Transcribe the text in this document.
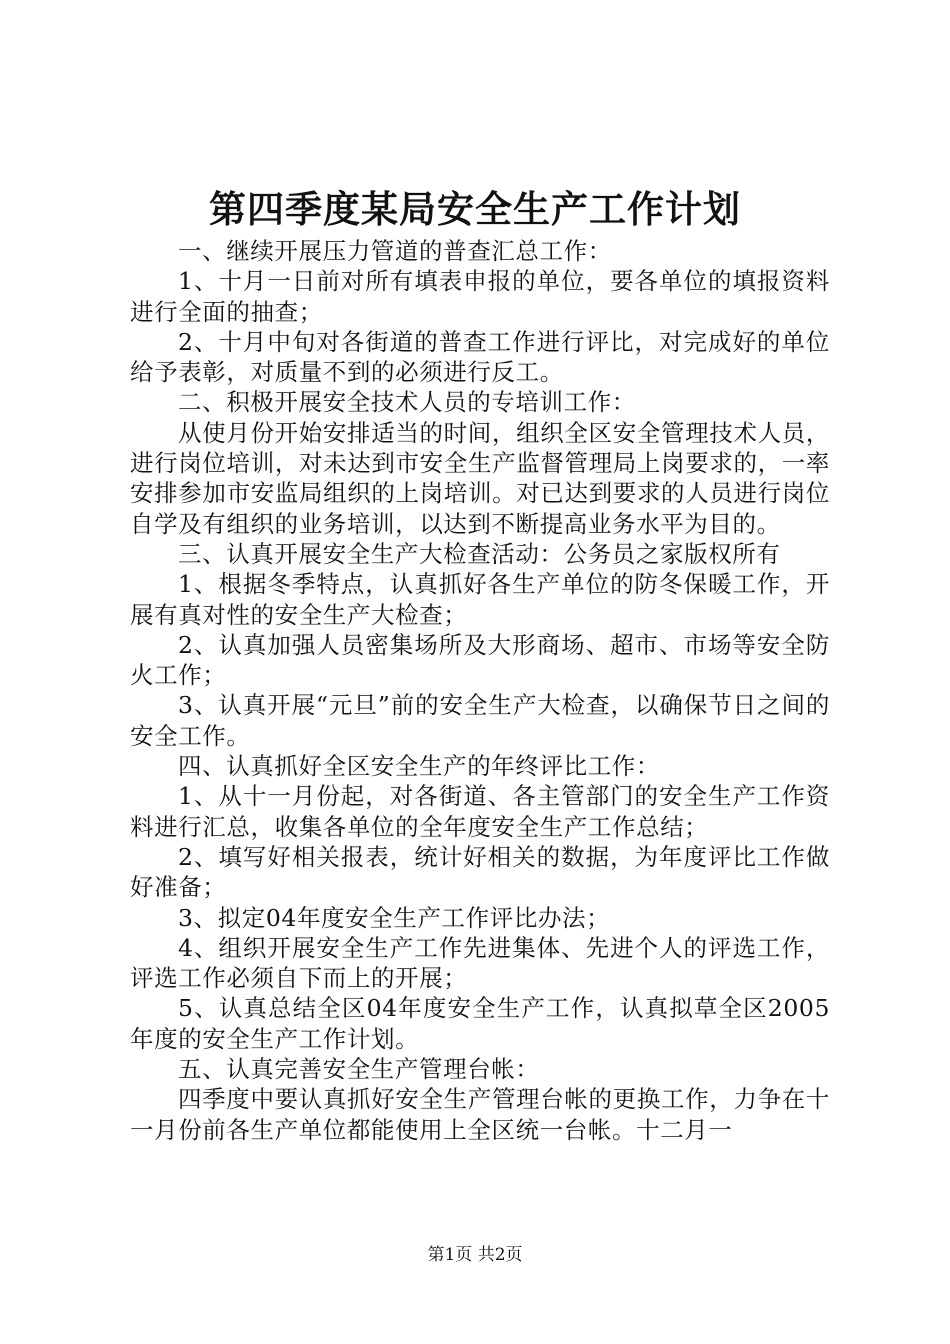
第四季度某局安全生产工作计划

一、继续开展压力管道的普查汇总工作：

1、十月一日前对所有填表申报的单位，要各单位的填报资料进行全面的抽查；

2、十月中旬对各街道的普查工作进行评比，对完成好的单位给予表彰，对质量不到的必须进行反工。

二、积极开展安全技术人员的专培训工作：

从使月份开始安排适当的时间，组织全区安全管理技术人员，进行岗位培训，对未达到市安全生产监督管理局上岗要求的，一率安排参加市安监局组织的上岗培训。对已达到要求的人员进行岗位自学及有组织的业务培训，以达到不断提高业务水平为目的。

三、认真开展安全生产大检查活动：公务员之家版权所有

1、根据冬季特点，认真抓好各生产单位的防冬保暖工作，开展有真对性的安全生产大检查；

2、认真加强人员密集场所及大形商场、超市、市场等安全防火工作；

3、认真开展“元旦”前的安全生产大检查，以确保节日之间的安全工作。

四、认真抓好全区安全生产的年终评比工作：

1、从十一月份起，对各街道、各主管部门的安全生产工作资料进行汇总，收集各单位的全年度安全生产工作总结；

2、填写好相关报表，统计好相关的数据，为年度评比工作做好准备；

3、拟定04年度安全生产工作评比办法；

4、组织开展安全生产工作先进集体、先进个人的评选工作，评选工作必须自下而上的开展；

5、认真总结全区04年度安全生产工作，认真拟草全区2005年度的安全生产工作计划。

五、认真完善安全生产管理台帐：

四季度中要认真抓好安全生产管理台帐的更换工作，力争在十一月份前各生产单位都能使用上全区统一台帐。十二月一

第1页 共2页
